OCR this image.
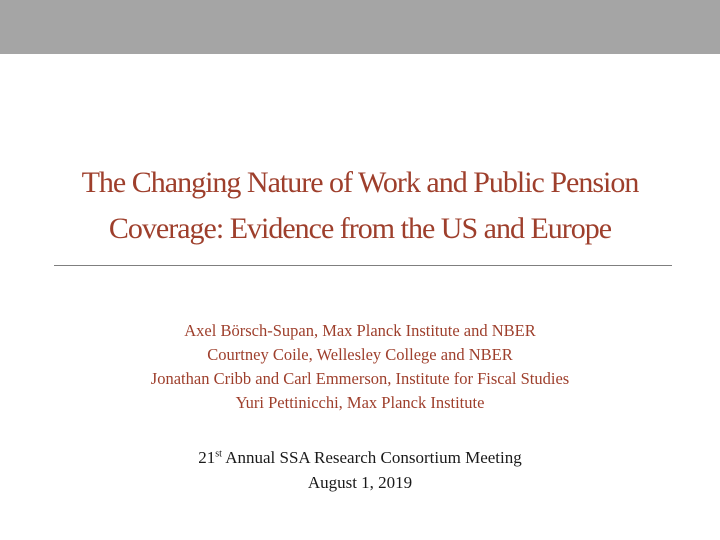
The Changing Nature of Work and Public Pension
Coverage: Evidence from the US and Europe
Axel Börsch-Supan, Max Planck Institute and NBER
Courtney Coile, Wellesley College and NBER
Jonathan Cribb and Carl Emmerson, Institute for Fiscal Studies
Yuri Pettinicchi, Max Planck Institute
21st Annual SSA Research Consortium Meeting
August 1, 2019
